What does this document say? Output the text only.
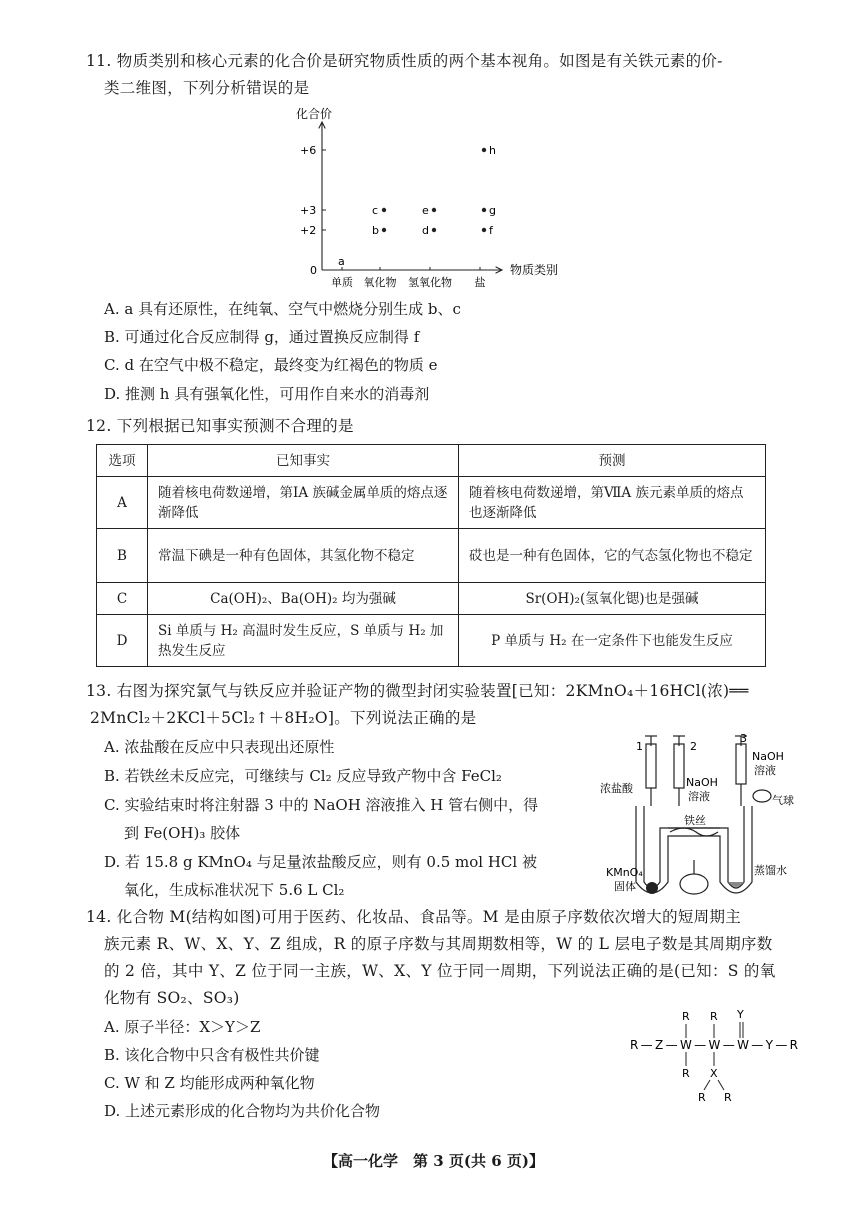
11. 物质类别和核心元素的化合价是研究物质性质的两个基本视角。如图是有关铁元素的价-
类二维图，下列分析错误的是
化合价
物质类别
+6
+3
+2
0
单质 氧化物 氢氧化物 盐
a
b
c
d
e
f
g
h
A. a 具有还原性，在纯氧、空气中燃烧分别生成 b、c
B. 可通过化合反应制得 g，通过置换反应制得 f
C. d 在空气中极不稳定，最终变为红褐色的物质 e
D. 推测 h 具有强氧化性，可用作自来水的消毒剂
12. 下列根据已知事实预测不合理的是
选项	已知事实	预测
A	随着核电荷数递增，第ⅠA 族碱金属单质的熔点逐渐降低	随着核电荷数递增，第ⅦA 族元素单质的熔点也逐渐降低
B	常温下碘是一种有色固体，其氢化物不稳定	砹也是一种有色固体，它的气态氢化物也不稳定
C	Ca(OH)₂、Ba(OH)₂ 均为强碱	Sr(OH)₂(氢氧化锶)也是强碱
D	Si 单质与 H₂ 高温时发生反应，S 单质与 H₂ 加热发生反应	P 单质与 H₂ 在一定条件下也能发生反应
13. 右图为探究氯气与铁反应并验证产物的微型封闭实验装置[已知：2KMnO₄＋16HCl(浓)══
2MnCl₂＋2KCl＋5Cl₂↑＋8H₂O]。下列说法正确的是
A. 浓盐酸在反应中只表现出还原性
B. 若铁丝未反应完，可继续与 Cl₂ 反应导致产物中含 FeCl₂
C. 实验结束时将注射器 3 中的 NaOH 溶液推入 H 管右侧中，得
到 Fe(OH)₃ 胶体
D. 若 15.8 g KMnO₄ 与足量浓盐酸反应，则有 0.5 mol HCl 被
氧化，生成标准状况下 5.6 L Cl₂
1	2
3
NaOH
溶液
浓盐酸	NaOH
溶液	气球
铁丝
KMnO₄
固体
蒸馏水
14. 化合物 M(结构如图)可用于医药、化妆品、食品等。M 是由原子序数依次增大的短周期主
族元素 R、W、X、Y、Z 组成，R 的原子序数与其周期数相等，W 的 L 层电子数是其周期序数
的 2 倍，其中 Y、Z 位于同一主族，W、X、Y 位于同一周期，下列说法正确的是(已知：S 的氧
化物有 SO₂、SO₃)
A. 原子半径：X＞Y＞Z
B. 该化合物中只含有极性共价键
C. W 和 Z 均能形成两种氧化物
D. 上述元素形成的化合物均为共价化合物
R—Z—W—W—W—Y—R
R R Y
R X
R R
【高一化学　第 3 页(共 6 页)】
